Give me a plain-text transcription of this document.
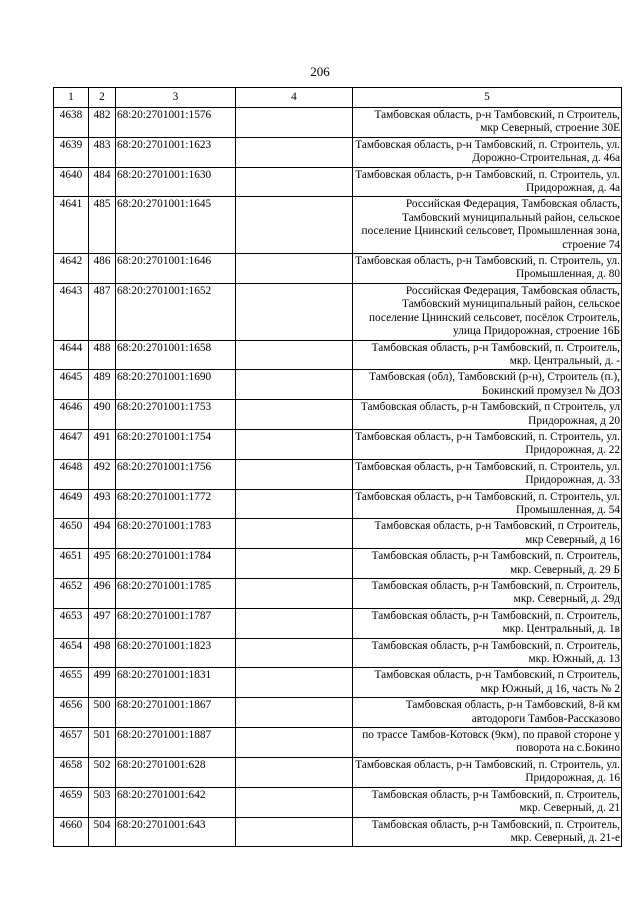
206
1	2	3	4	5
4638	482	68:20:2701001:1576		Тамбовская область, р-н Тамбовский, п Строитель, мкр Северный, строение 30Е
4639	483	68:20:2701001:1623		Тамбовская область, р-н Тамбовский, п. Строитель, ул. Дорожно-Строительная, д. 46а
4640	484	68:20:2701001:1630		Тамбовская область, р-н Тамбовский, п. Строитель, ул. Придорожная, д. 4а
4641	485	68:20:2701001:1645		Российская Федерация, Тамбовская область, Тамбовский муниципальный район, сельское поселение Цнинский сельсовет, Промышленная зона, строение 74
4642	486	68:20:2701001:1646		Тамбовская область, р-н Тамбовский, п. Строитель, ул. Промышленная, д. 80
4643	487	68:20:2701001:1652		Российская Федерация, Тамбовская область, Тамбовский муниципальный район, сельское поселение Цнинский сельсовет, посёлок Строитель, улица Придорожная, строение 16Б
4644	488	68:20:2701001:1658		Тамбовская область, р-н Тамбовский, п. Строитель, мкр. Центральный, д. -
4645	489	68:20:2701001:1690		Тамбовская (обл), Тамбовский (р-н), Строитель (п.), Бокинский промузел № ДОЗ
4646	490	68:20:2701001:1753		Тамбовская область, р-н Тамбовский, п Строитель, ул Придорожная, д 20
4647	491	68:20:2701001:1754		Тамбовская область, р-н Тамбовский, п. Строитель, ул. Придорожная, д. 22
4648	492	68:20:2701001:1756		Тамбовская область, р-н Тамбовский, п. Строитель, ул. Придорожная, д. 33
4649	493	68:20:2701001:1772		Тамбовская область, р-н Тамбовский, п. Строитель, ул. Промышленная, д. 54
4650	494	68:20:2701001:1783		Тамбовская область, р-н Тамбовский, п Строитель, мкр Северный, д 16
4651	495	68:20:2701001:1784		Тамбовская область, р-н Тамбовский, п. Строитель, мкр. Северный, д. 29 Б
4652	496	68:20:2701001:1785		Тамбовская область, р-н Тамбовский, п. Строитель, мкр. Северный, д. 29д
4653	497	68:20:2701001:1787		Тамбовская область, р-н Тамбовский, п. Строитель, мкр. Центральный, д. 1в
4654	498	68:20:2701001:1823		Тамбовская область, р-н Тамбовский, п. Строитель, мкр. Южный, д. 13
4655	499	68:20:2701001:1831		Тамбовская область, р-н Тамбовский, п Строитель, мкр Южный, д 16, часть № 2
4656	500	68:20:2701001:1867		Тамбовская область, р-н Тамбовский, 8-й км автодороги Тамбов-Рассказово
4657	501	68:20:2701001:1887		по трассе Тамбов-Котовск (9км), по правой стороне у поворота на с.Бокино
4658	502	68:20:2701001:628		Тамбовская область, р-н Тамбовский, п. Строитель, ул. Придорожная, д. 16
4659	503	68:20:2701001:642		Тамбовская область, р-н Тамбовский, п. Строитель, мкр. Северный, д. 21
4660	504	68:20:2701001:643		Тамбовская область, р-н Тамбовский, п. Строитель, мкр. Северный, д. 21-е
